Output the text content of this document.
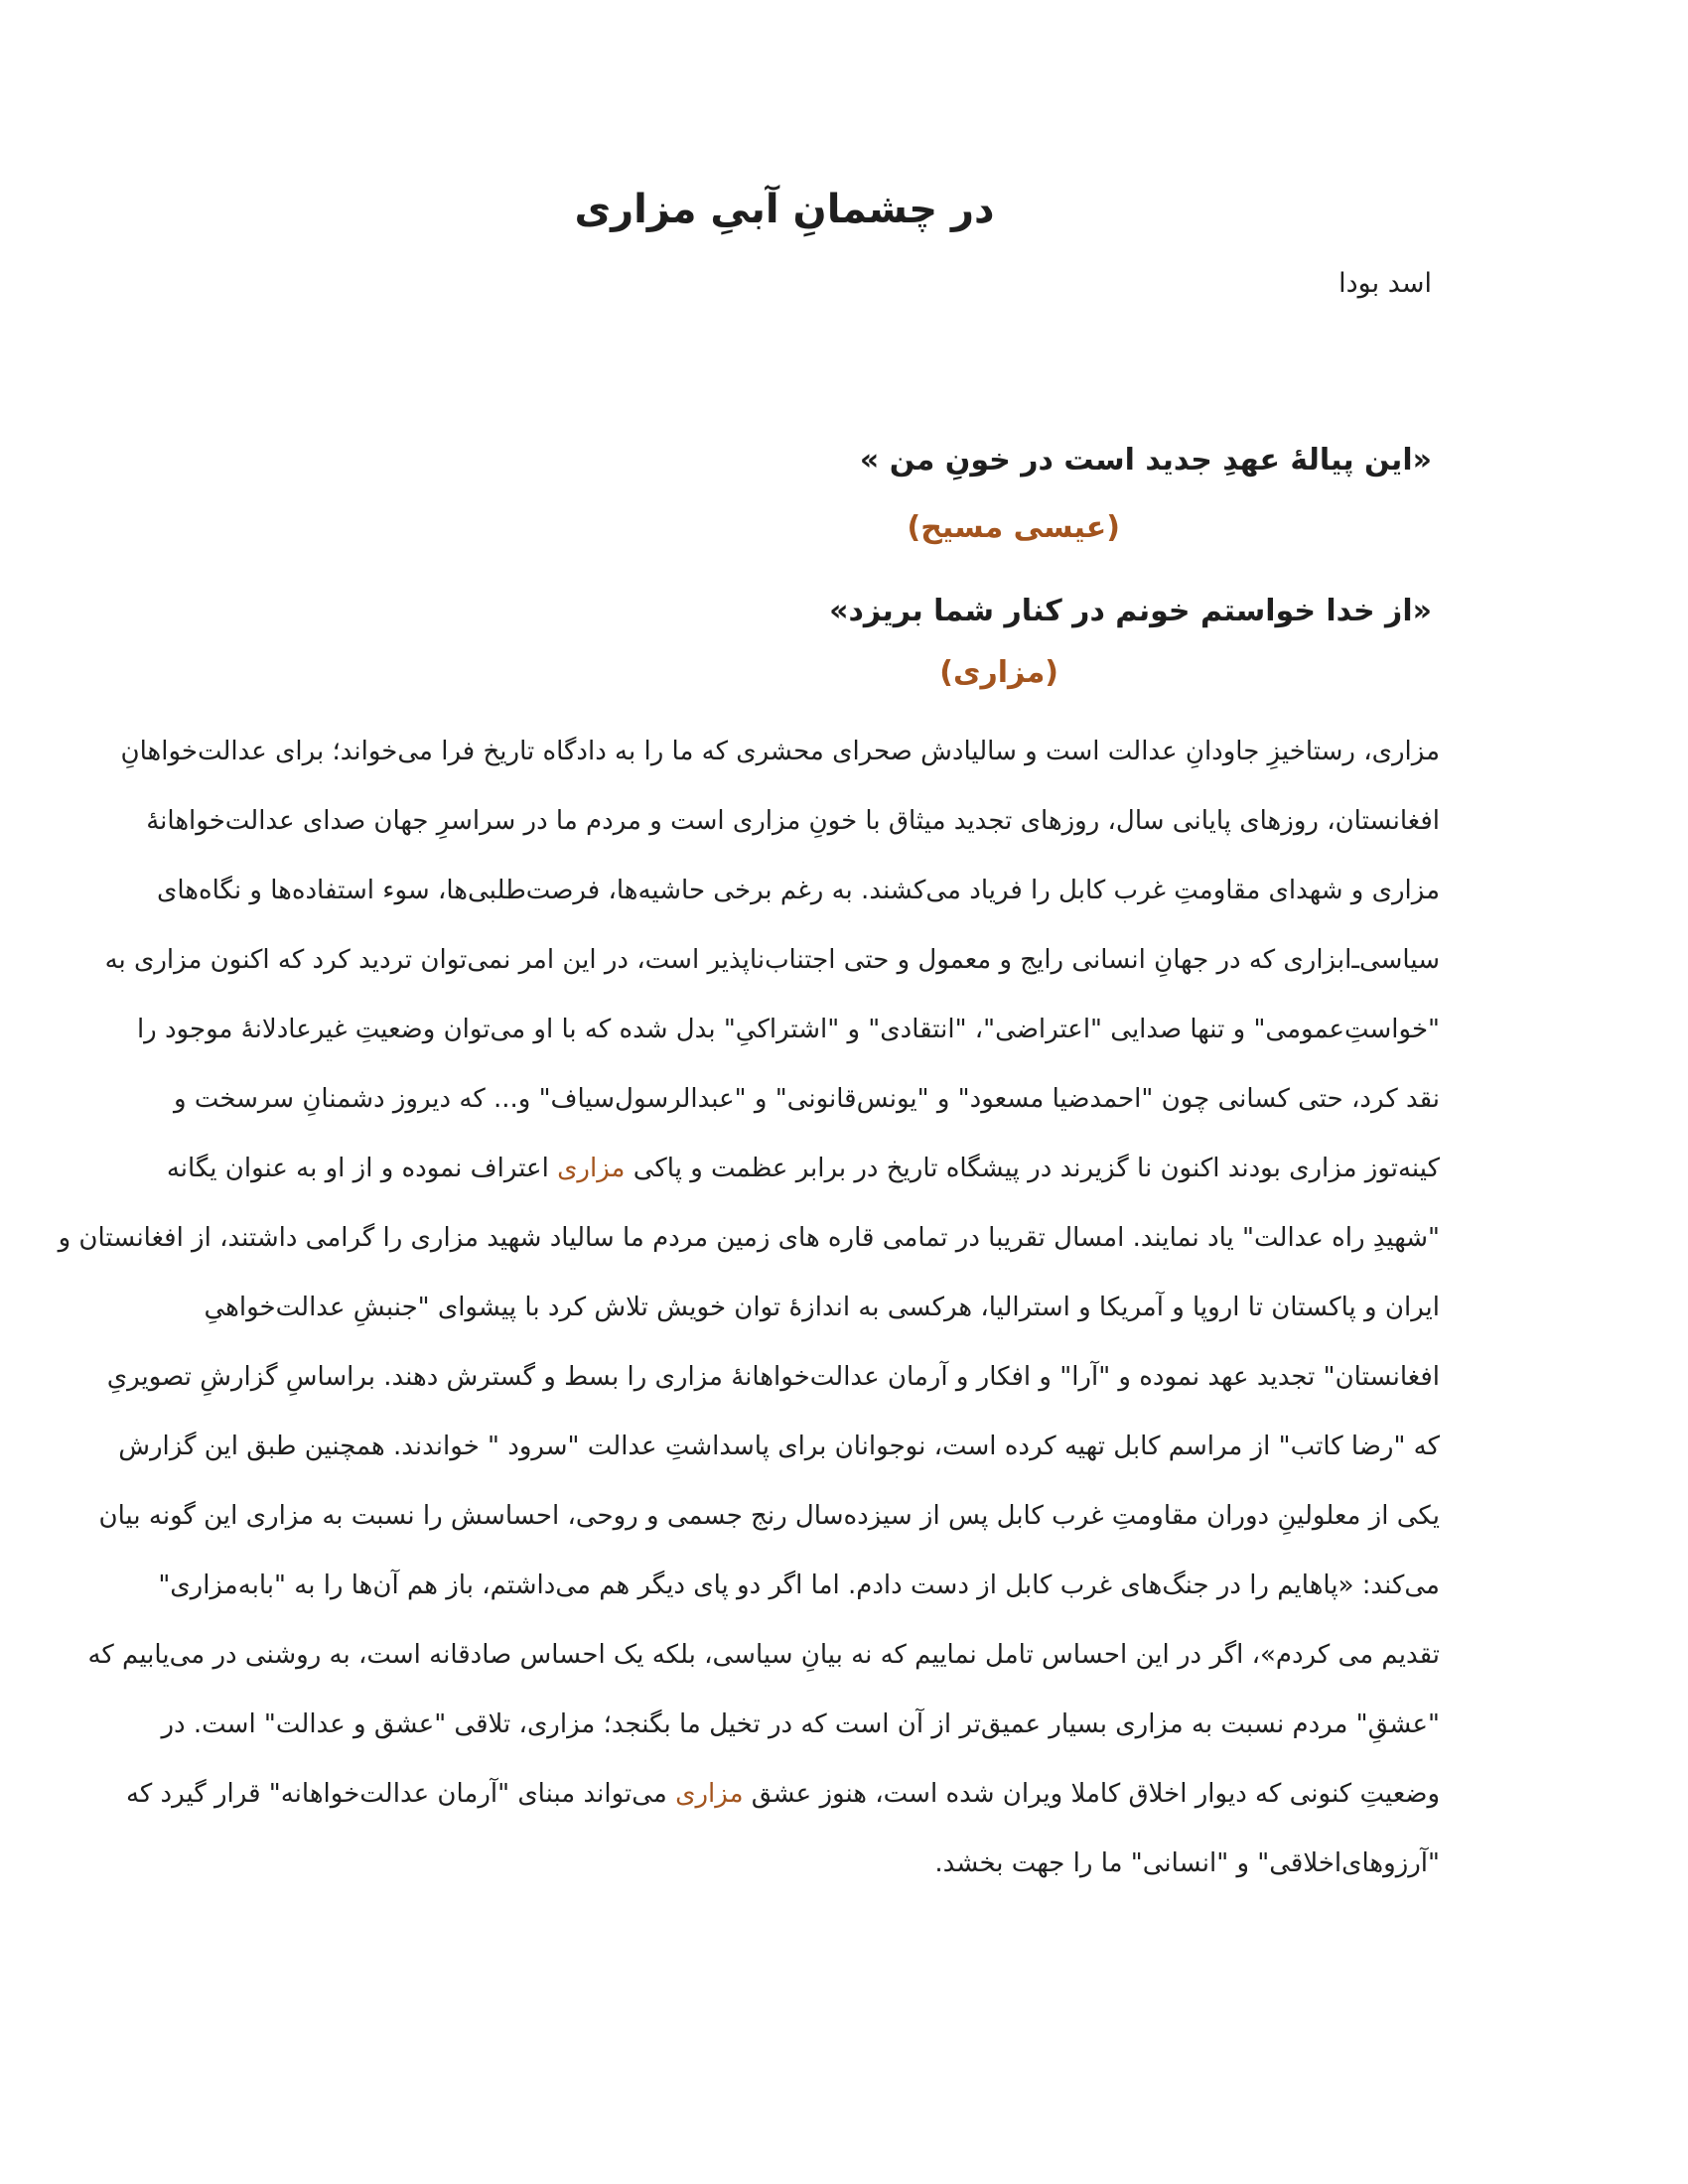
در چشمانِ آبیِ مزاری
اسد بودا
«این پیالهٔ عهدِ جدید است در خونِ من »
(عیسی مسیح)
«از خدا خواستم خونم در کنار شما بریزد»
(مزاری)
مزاری، رستاخیزِ جاودانِ عدالت است و سالیادش صحرای محشری که ما را به دادگاه تاریخ فرا می‌خواند؛ برای عدالت‌خواهانِ
افغانستان، روزهای پایانی سال، روزهای تجدید میثاق با خونِ مزاری است و مردم ما در سراسرِ جهان صدای عدالت‌خواهانهٔ
مزاری و شهدای مقاومتِ غرب کابل را فریاد می‌کشند. به رغم برخی حاشیه‌ها، فرصت‌طلبی‌ها، سوء استفاده‌ها و نگاه‌های
سیاسی‌ـ‌ابزاری که در جهانِ انسانی رایج و معمول و حتی اجتناب‌ناپذیر است، در این امر نمی‌توان تردید کرد که اکنون مزاری به
"خواستِ‌عمومی" و تنها صدایی "اعتراضی"، "انتقادی" و "اشتراکیِ" بدل شده که با او می‌توان وضعیتِ غیرعادلانهٔ موجود را
نقد کرد، حتی کسانی چون "احمدضیا مسعود" و "یونس‌قانونی" و "عبدالرسول‌سیاف" و... که دیروز دشمنانِ سرسخت و
کینه‌توز مزاری بودند اکنون نا گزیرند در پیشگاه تاریخ در برابر عظمت و پاکی مزاری اعتراف نموده و از او به عنوان یگانه
"شهیدِ راه عدالت" یاد نمایند. امسال تقریبا در تمامی قاره های زمین مردم ما سالیاد شهید مزاری را گرامی داشتند، از افغانستان و
ایران و پاکستان تا اروپا و آمریکا و استرالیا، هرکسی به اندازهٔ توان خویش تلاش کرد با پیشوای "جنبشِ عدالت‌خواهیِ
افغانستان" تجدید عهد نموده و "آرا" و افکار و آرمان عدالت‌خواهانهٔ مزاری را بسط و گسترش دهند. براساسِ گزارشِ تصویریِ
که "رضا کاتب" از مراسم کابل تهیه کرده است، نوجوانان برای پاسداشتِ عدالت "سرود " خواندند. همچنین طبق این گزارش
یکی از معلولینِ دوران مقاومتِ غرب کابل پس از سیزده‌سال رنج جسمی و روحی، احساسش را نسبت به مزاری این گونه بیان
می‌کند: «پاهایم را در جنگ‌های غرب کابل از دست دادم. اما اگر دو پای دیگر هم می‌داشتم، باز هم آن‌ها را به "بابه‌مزاری"
تقدیم می کردم»، اگر در این احساس تامل نماییم که نه بیانِ سیاسی، بلکه یک احساس صادقانه است، به روشنی در می‌یابیم که
"عشقِ" مردم نسبت به مزاری بسیار عمیق‌تر از آن است که در تخیل ما بگنجد؛ مزاری، تلاقی "عشق و عدالت" است. در
وضعیتِ کنونی که دیوار اخلاق کاملا ویران شده است، هنوز عشق مزاری می‌تواند مبنای "آرمان عدالت‌خواهانه" قرار گیرد که
"آرزوهای‌اخلاقی" و "انسانی" ما را جهت بخشد.
